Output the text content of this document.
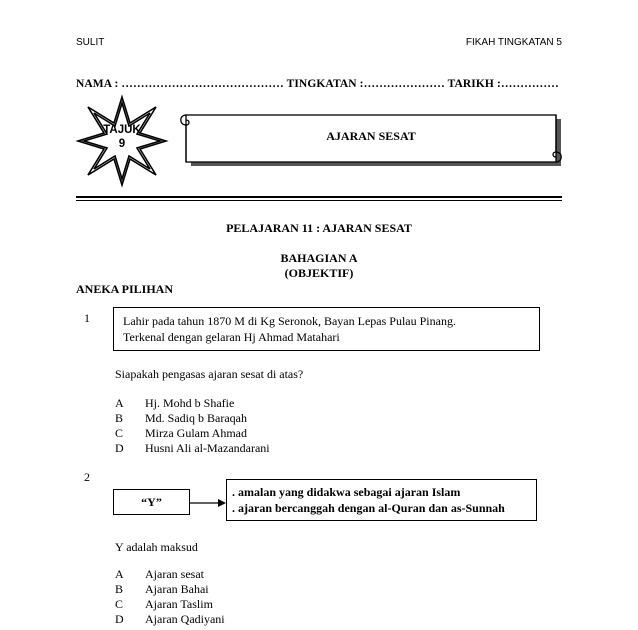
SULIT	FIKAH TINGKATAN 5
NAMA : …………………………………… TINGKATAN :………………… TARIKH :……………
TAJUK
9
AJARAN SESAT
PELAJARAN 11 : AJARAN SESAT
BAHAGIAN A
(OBJEKTIF)
ANEKA PILIHAN
1	Lahir pada tahun 1870 M di Kg Seronok, Bayan Lepas Pulau Pinang.
Terkenal dengan gelaran Hj Ahmad Matahari
Siapakah pengasas ajaran sesat di atas?
A	Hj. Mohd b Shafie
B	Md. Sadiq b Baraqah
C	Mirza Gulam Ahmad
D	Husni Ali al-Mazandarani
2
“Y”
. amalan yang didakwa sebagai ajaran Islam
. ajaran bercanggah dengan al-Quran dan as-Sunnah
Y adalah maksud
A	Ajaran sesat
B	Ajaran Bahai
C	Ajaran Taslim
D	Ajaran Qadiyani
